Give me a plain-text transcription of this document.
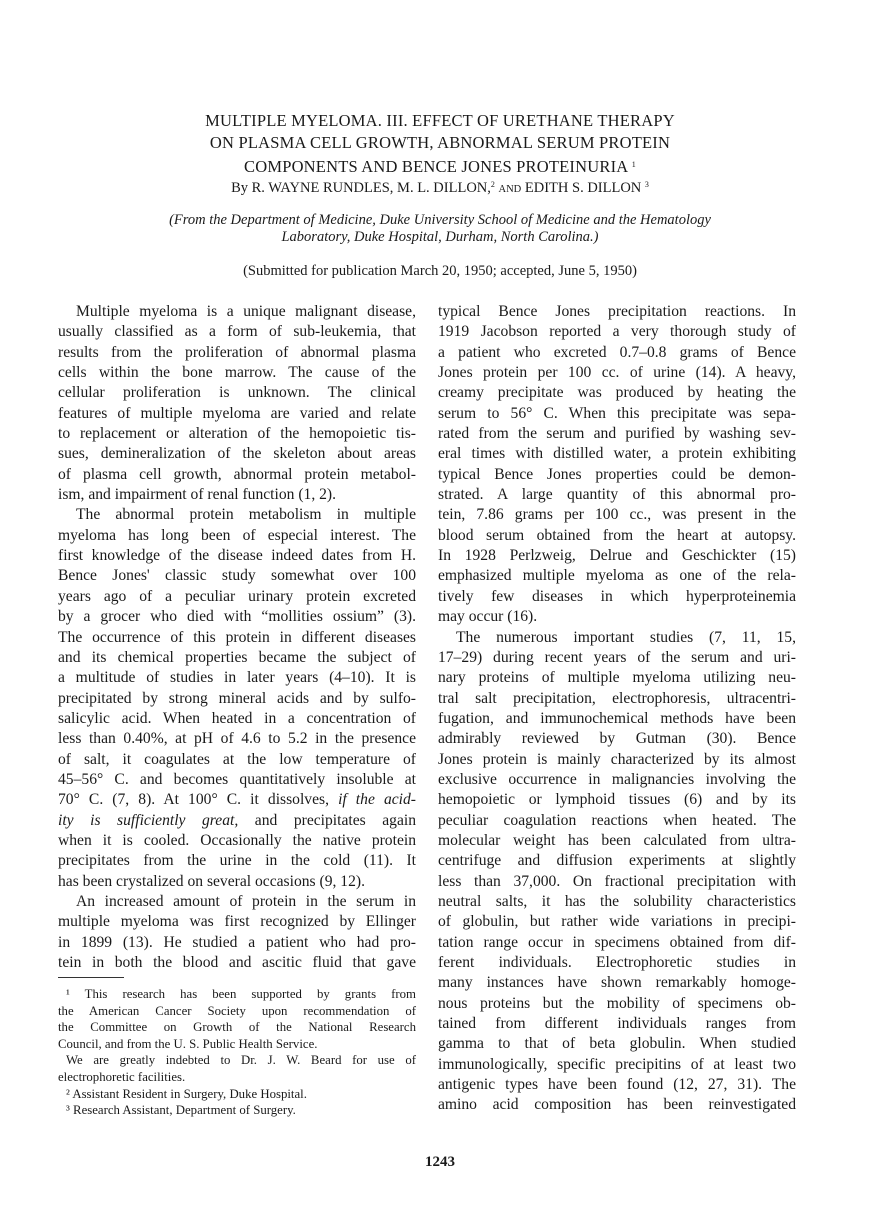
MULTIPLE MYELOMA. III. EFFECT OF URETHANE THERAPY
ON PLASMA CELL GROWTH, ABNORMAL SERUM PROTEIN
COMPONENTS AND BENCE JONES PROTEINURIA $^1$
By R. WAYNE RUNDLES, M. L. DILLON,$^2$ AND EDITH S. DILLON $^3$
(From the Department of Medicine, Duke University School of Medicine and the Hematology
Laboratory, Duke Hospital, Durham, North Carolina.)
(Submitted for publication March 20, 1950; accepted, June 5, 1950)
Multiple myeloma is a unique malignant disease,
usually classified as a form of sub-leukemia, that
results from the proliferation of abnormal plasma
cells within the bone marrow. The cause of the
cellular proliferation is unknown. The clinical
features of multiple myeloma are varied and relate
to replacement or alteration of the hemopoietic tis-
sues, demineralization of the skeleton about areas
of plasma cell growth, abnormal protein metabol-
ism, and impairment of renal function (1, 2).
The abnormal protein metabolism in multiple
myeloma has long been of especial interest. The
first knowledge of the disease indeed dates from H.
Bence Jones' classic study somewhat over 100
years ago of a peculiar urinary protein excreted
by a grocer who died with “mollities ossium” (3).
The occurrence of this protein in different diseases
and its chemical properties became the subject of
a multitude of studies in later years (4–10). It is
precipitated by strong mineral acids and by sulfo-
salicylic acid. When heated in a concentration of
less than 0.40%, at pH of 4.6 to 5.2 in the presence
of salt, it coagulates at the low temperature of
45–56° C. and becomes quantitatively insoluble at
70° C. (7, 8). At 100° C. it dissolves, if the acid-
ity is sufficiently great, and precipitates again
when it is cooled. Occasionally the native protein
precipitates from the urine in the cold (11). It
has been crystalized on several occasions (9, 12).
An increased amount of protein in the serum in
multiple myeloma was first recognized by Ellinger
in 1899 (13). He studied a patient who had pro-
tein in both the blood and ascitic fluid that gave
typical Bence Jones precipitation reactions. In
1919 Jacobson reported a very thorough study of
a patient who excreted 0.7–0.8 grams of Bence
Jones protein per 100 cc. of urine (14). A heavy,
creamy precipitate was produced by heating the
serum to 56° C. When this precipitate was sepa-
rated from the serum and purified by washing sev-
eral times with distilled water, a protein exhibiting
typical Bence Jones properties could be demon-
strated. A large quantity of this abnormal pro-
tein, 7.86 grams per 100 cc., was present in the
blood serum obtained from the heart at autopsy.
In 1928 Perlzweig, Delrue and Geschickter (15)
emphasized multiple myeloma as one of the rela-
tively few diseases in which hyperproteinemia
may occur (16).
The numerous important studies (7, 11, 15,
17–29) during recent years of the serum and uri-
nary proteins of multiple myeloma utilizing neu-
tral salt precipitation, electrophoresis, ultracentri-
fugation, and immunochemical methods have been
admirably reviewed by Gutman (30). Bence
Jones protein is mainly characterized by its almost
exclusive occurrence in malignancies involving the
hemopoietic or lymphoid tissues (6) and by its
peculiar coagulation reactions when heated. The
molecular weight has been calculated from ultra-
centrifuge and diffusion experiments at slightly
less than 37,000. On fractional precipitation with
neutral salts, it has the solubility characteristics
of globulin, but rather wide variations in precipi-
tation range occur in specimens obtained from dif-
ferent individuals. Electrophoretic studies in
many instances have shown remarkably homoge-
nous proteins but the mobility of specimens ob-
tained from different individuals ranges from
gamma to that of beta globulin. When studied
immunologically, specific precipitins of at least two
antigenic types have been found (12, 27, 31). The
amino acid composition has been reinvestigated
¹ This research has been supported by grants from
the American Cancer Society upon recommendation of
the Committee on Growth of the National Research
Council, and from the U. S. Public Health Service.
We are greatly indebted to Dr. J. W. Beard for use of
electrophoretic facilities.
² Assistant Resident in Surgery, Duke Hospital.
³ Research Assistant, Department of Surgery.
1243
